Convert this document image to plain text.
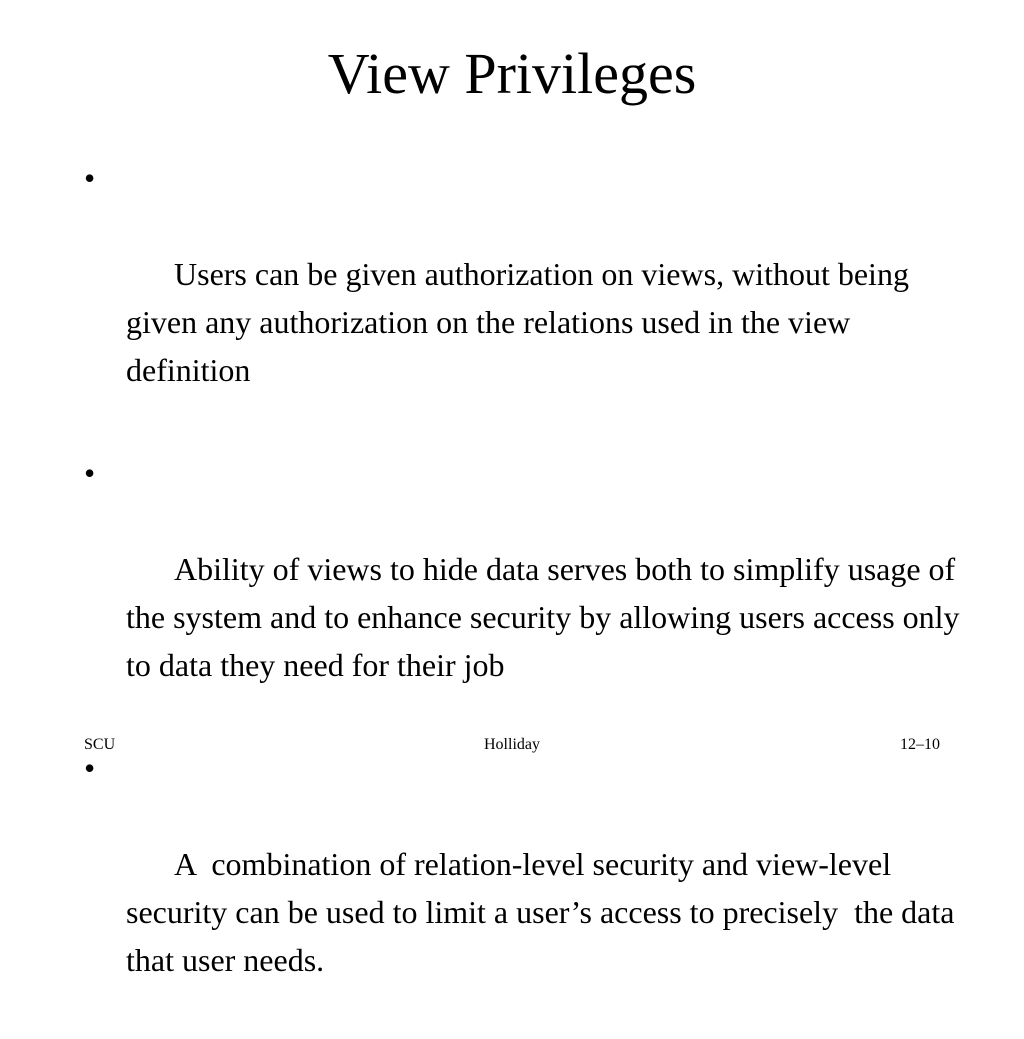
View Privileges

•

Users can be given authorization on views, without being given any authorization on the relations used in the view definition

•

Ability of views to hide data serves both to simplify usage of the system and to enhance security by allowing users access only to data they need for their job

•

A  combination of relation-level security and view-level security can be used to limit a user’s access to precisely  the data that user needs.

SCU	Holliday	12–10
